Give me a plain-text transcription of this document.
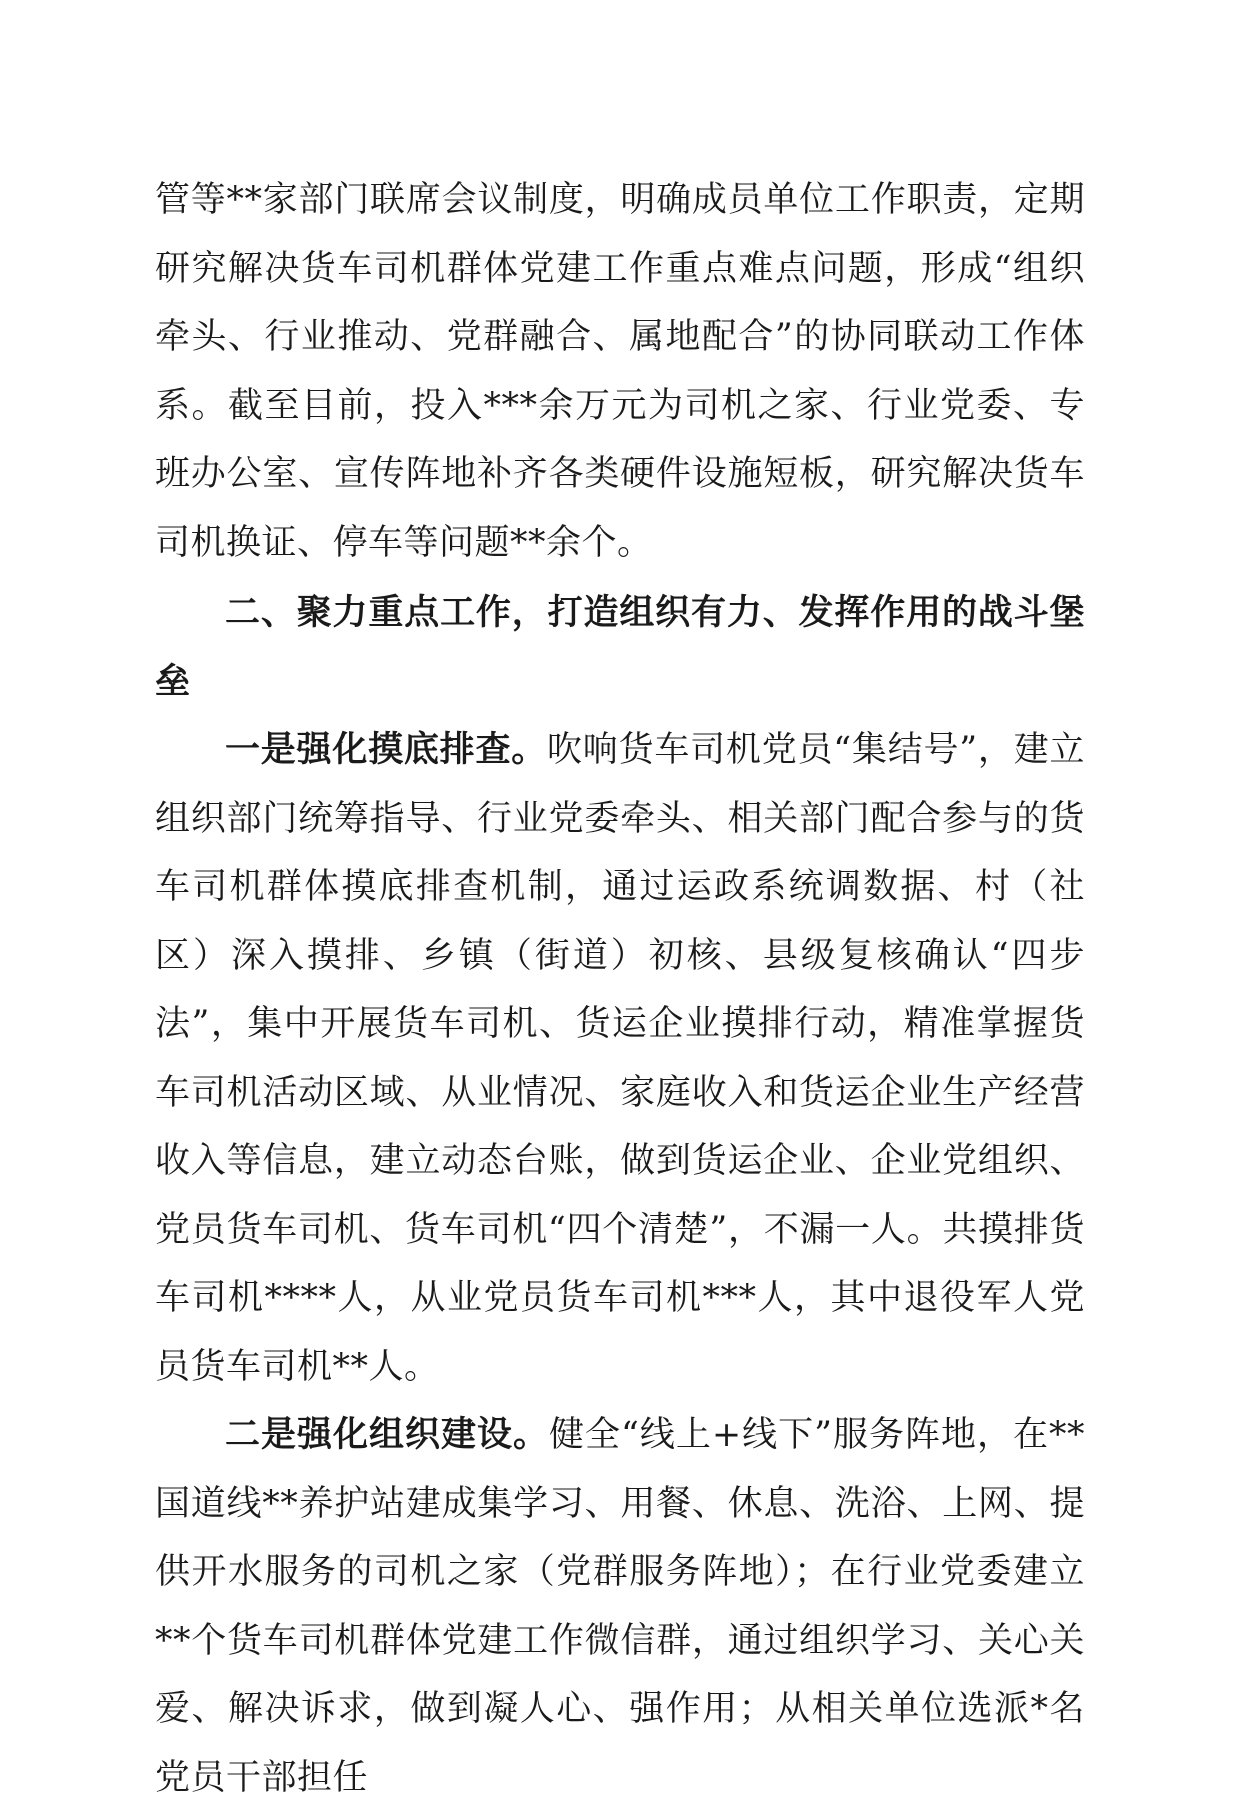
管等**家部门联席会议制度，明确成员单位工作职责，定期研究解决货车司机群体党建工作重点难点问题，形成“组织牵头、行业推动、党群融合、属地配合”的协同联动工作体系。截至目前，投入***余万元为司机之家、行业党委、专班办公室、宣传阵地补齐各类硬件设施短板，研究解决货车司机换证、停车等问题**余个。

二、聚力重点工作，打造组织有力、发挥作用的战斗堡垒

一是强化摸底排查。吹响货车司机党员“集结号”，建立组织部门统筹指导、行业党委牵头、相关部门配合参与的货车司机群体摸底排查机制，通过运政系统调数据、村（社区）深入摸排、乡镇（街道）初核、县级复核确认“四步法”，集中开展货车司机、货运企业摸排行动，精准掌握货车司机活动区域、从业情况、家庭收入和货运企业生产经营收入等信息，建立动态台账，做到货运企业、企业党组织、党员货车司机、货车司机“四个清楚”，不漏一人。共摸排货车司机****人，从业党员货车司机***人，其中退役军人党员货车司机**人。

二是强化组织建设。健全“线上+线下”服务阵地，在**国道线**养护站建成集学习、用餐、休息、洗浴、上网、提供开水服务的司机之家（党群服务阵地）；在行业党委建立**个货车司机群体党建工作微信群，通过组织学习、关心关爱、解决诉求，做到凝人心、强作用；从相关单位选派*名党员干部担任
